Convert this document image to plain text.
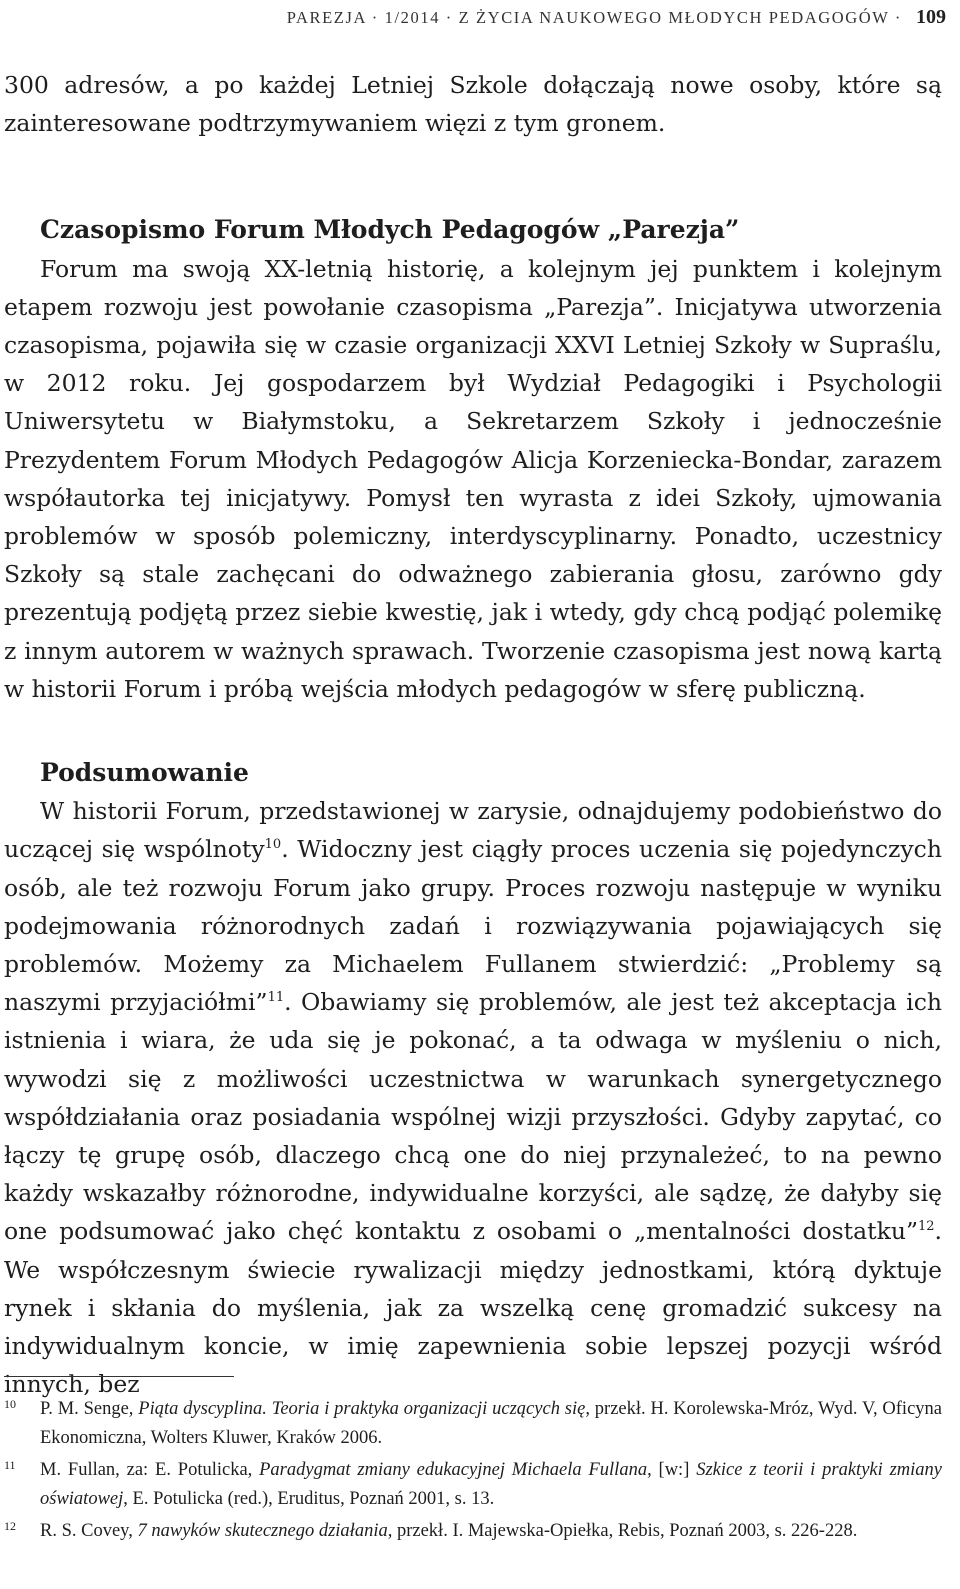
PAREZJA · 1/2014 · Z ŻYCIA NAUKOWEGO MŁODYCH PEDAGOGÓW · 109

300 adresów, a po każdej Letniej Szkole dołączają nowe osoby, które są zainteresowane podtrzymywaniem więzi z tym gronem.

Czasopismo Forum Młodych Pedagogów „Parezja”

Forum ma swoją XX-letnią historię, a kolejnym jej punktem i kolejnym etapem rozwoju jest powołanie czasopisma „Parezja”. Inicjatywa utworzenia czasopisma, pojawiła się w czasie organizacji XXVI Letniej Szkoły w Supraślu, w 2012 roku. Jej gospodarzem był Wydział Pedagogiki i Psychologii Uniwersytetu w Białymstoku, a Sekretarzem Szkoły i jednocześnie Prezydentem Forum Młodych Pedagogów Alicja Korzeniecka-Bondar, zarazem współautorka tej inicjatywy. Pomysł ten wyrasta z idei Szkoły, ujmowania problemów w sposób polemiczny, interdyscyplinarny. Ponadto, uczestnicy Szkoły są stale zachęcani do odważnego zabierania głosu, zarówno gdy prezentują podjętą przez siebie kwestię, jak i wtedy, gdy chcą podjąć polemikę z innym autorem w ważnych sprawach. Tworzenie czasopisma jest nową kartą w historii Forum i próbą wejścia młodych pedagogów w sferę publiczną.

Podsumowanie

W historii Forum, przedstawionej w zarysie, odnajdujemy podobieństwo do uczącej się wspólnoty$^{10}$. Widoczny jest ciągły proces uczenia się pojedynczych osób, ale też rozwoju Forum jako grupy. Proces rozwoju następuje w wyniku podejmowania różnorodnych zadań i rozwiązywania pojawiających się problemów. Możemy za Michaelem Fullanem stwierdzić: „Problemy są naszymi przyjaciółmi”$^{11}$. Obawiamy się problemów, ale jest też akceptacja ich istnienia i wiara, że uda się je pokonać, a ta odwaga w myśleniu o nich, wywodzi się z możliwości uczestnictwa w warunkach synergetycznego współdziałania oraz posiadania wspólnej wizji przyszłości. Gdyby zapytać, co łączy tę grupę osób, dlaczego chcą one do niej przynależeć, to na pewno każdy wskazałby różnorodne, indywidualne korzyści, ale sądzę, że dałyby się one podsumować jako chęć kontaktu z osobami o „mentalności dostatku”$^{12}$. We współczesnym świecie rywalizacji między jednostkami, którą dyktuje rynek i skłania do myślenia, jak za wszelką cenę gromadzić sukcesy na indywidualnym koncie, w imię zapewnienia sobie lepszej pozycji wśród innych, bez

10 P. M. Senge, Piąta dyscyplina. Teoria i praktyka organizacji uczących się, przekł. H. Korolewska-Mróz, Wyd. V, Oficyna Ekonomiczna, Wolters Kluwer, Kraków 2006.
11 M. Fullan, za: E. Potulicka, Paradygmat zmiany edukacyjnej Michaela Fullana, [w:] Szkice z teorii i praktyki zmiany oświatowej, E. Potulicka (red.), Eruditus, Poznań 2001, s. 13.
12 R. S. Covey, 7 nawyków skutecznego działania, przekł. I. Majewska-Opiełka, Rebis, Poznań 2003, s. 226-228.
